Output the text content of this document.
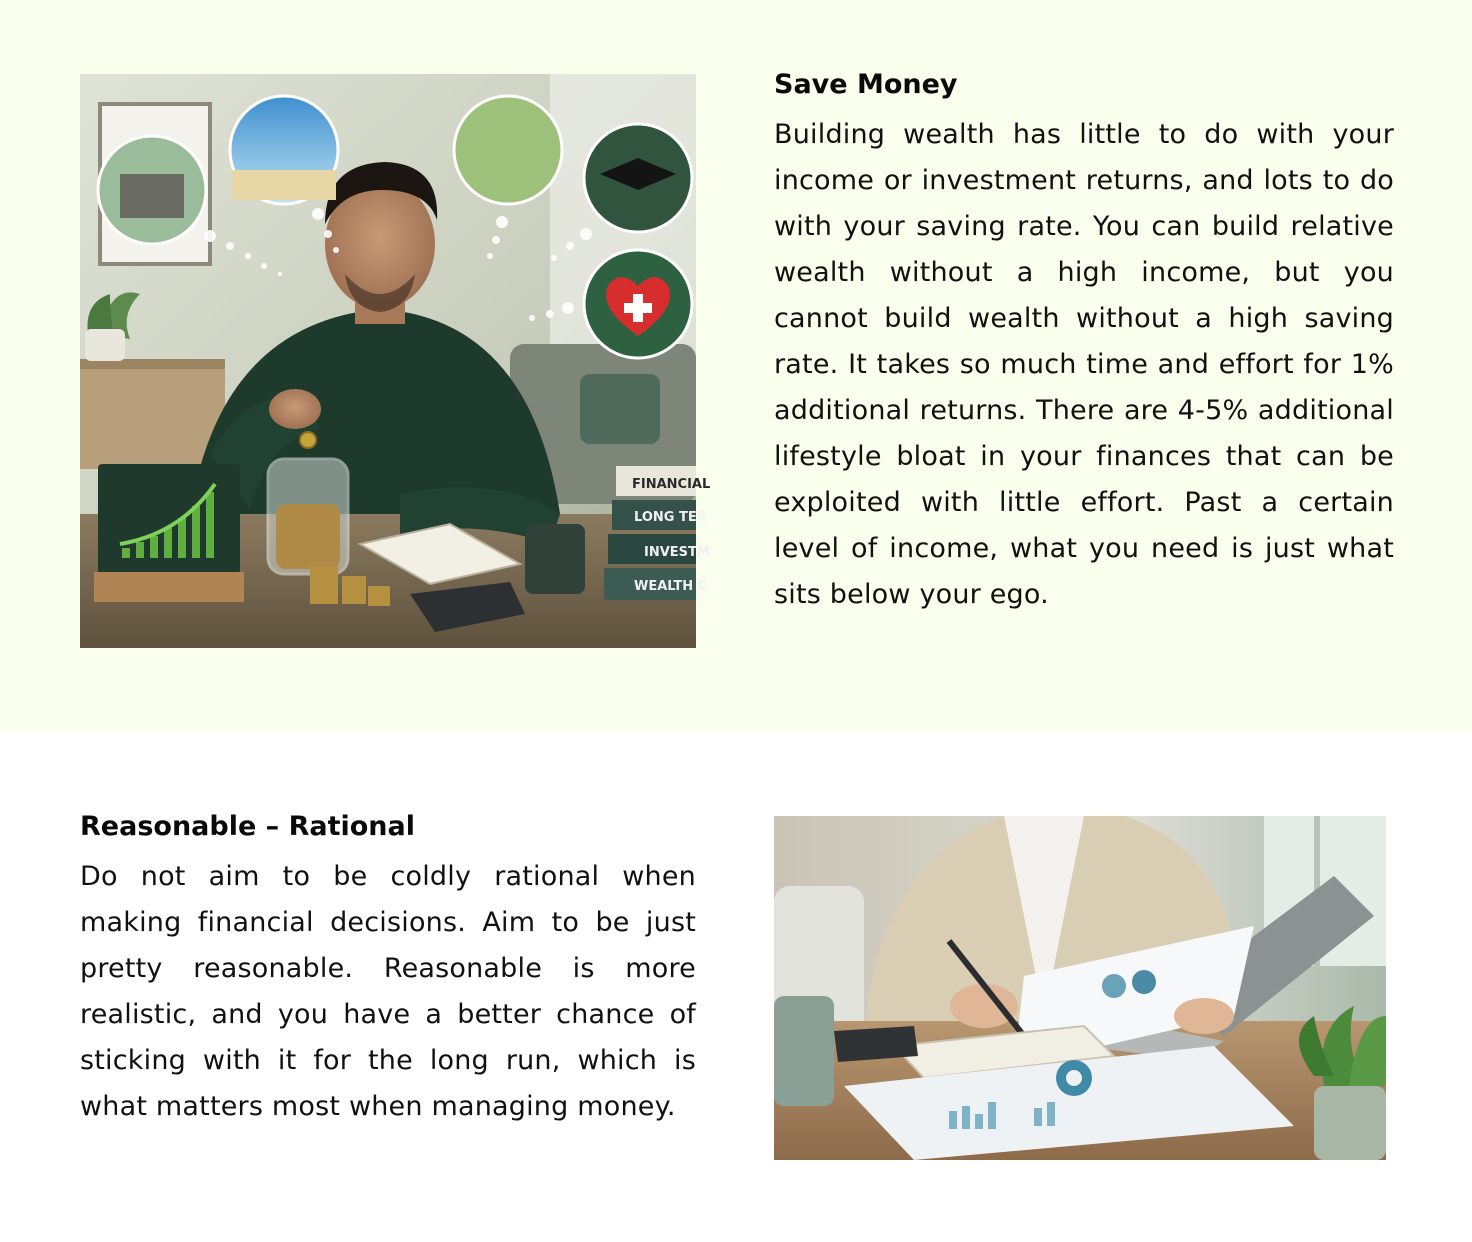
FINANCIAL
LONG TER
INVESTM
WEALTH C
Save Money

Building wealth has little to do with your income or investment returns, and lots to do with your saving rate. You can build relative wealth without a high income, but you cannot build wealth without a high saving rate. It takes so much time and effort for 1% additional returns. There are 4-5% additional lifestyle bloat in your finances that can be exploited with little effort. Past a certain level of income, what you need is just what sits below your ego.

Reasonable – Rational

Do not aim to be coldly rational when making financial decisions. Aim to be just pretty reasonable. Reasonable is more realistic, and you have a better chance of sticking with it for the long run, which is what matters most when managing money.
